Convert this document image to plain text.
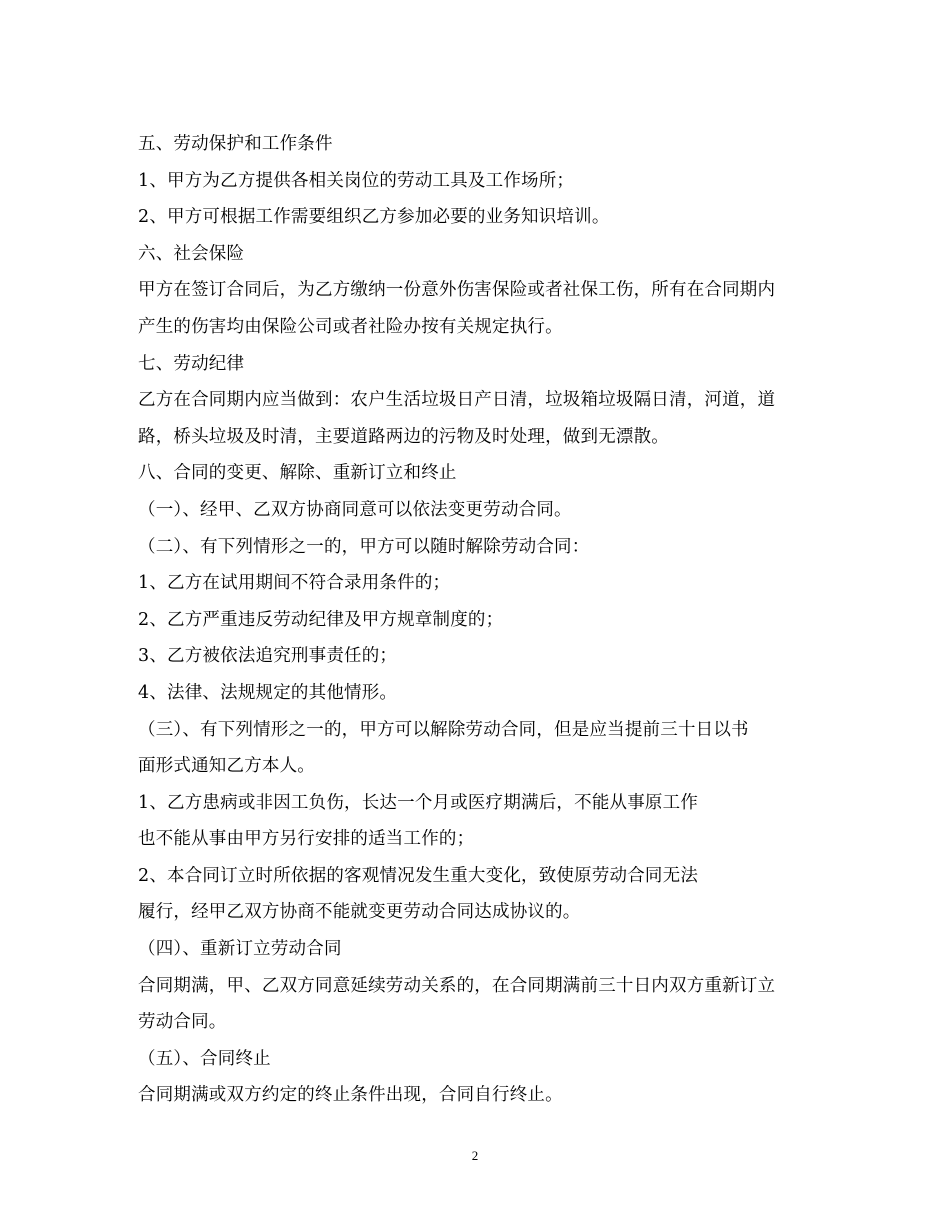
五、劳动保护和工作条件
1、甲方为乙方提供各相关岗位的劳动工具及工作场所；
2、甲方可根据工作需要组织乙方参加必要的业务知识培训。
六、社会保险
甲方在签订合同后，为乙方缴纳一份意外伤害保险或者社保工伤，所有在合同期内
产生的伤害均由保险公司或者社险办按有关规定执行。
七、劳动纪律
乙方在合同期内应当做到：农户生活垃圾日产日清，垃圾箱垃圾隔日清，河道，道
路，桥头垃圾及时清，主要道路两边的污物及时处理，做到无漂散。
八、合同的变更、解除、重新订立和终止
（一）、经甲、乙双方协商同意可以依法变更劳动合同。
（二）、有下列情形之一的，甲方可以随时解除劳动合同：
1、乙方在试用期间不符合录用条件的；
2、乙方严重违反劳动纪律及甲方规章制度的；
3、乙方被依法追究刑事责任的；
4、法律、法规规定的其他情形。
（三）、有下列情形之一的，甲方可以解除劳动合同，但是应当提前三十日以书
面形式通知乙方本人。
1、乙方患病或非因工负伤，长达一个月或医疗期满后，不能从事原工作
也不能从事由甲方另行安排的适当工作的；
2、本合同订立时所依据的客观情况发生重大变化，致使原劳动合同无法
履行，经甲乙双方协商不能就变更劳动合同达成协议的。
（四）、重新订立劳动合同
合同期满，甲、乙双方同意延续劳动关系的，在合同期满前三十日内双方重新订立
劳动合同。
（五）、合同终止
合同期满或双方约定的终止条件出现，合同自行终止。
2
